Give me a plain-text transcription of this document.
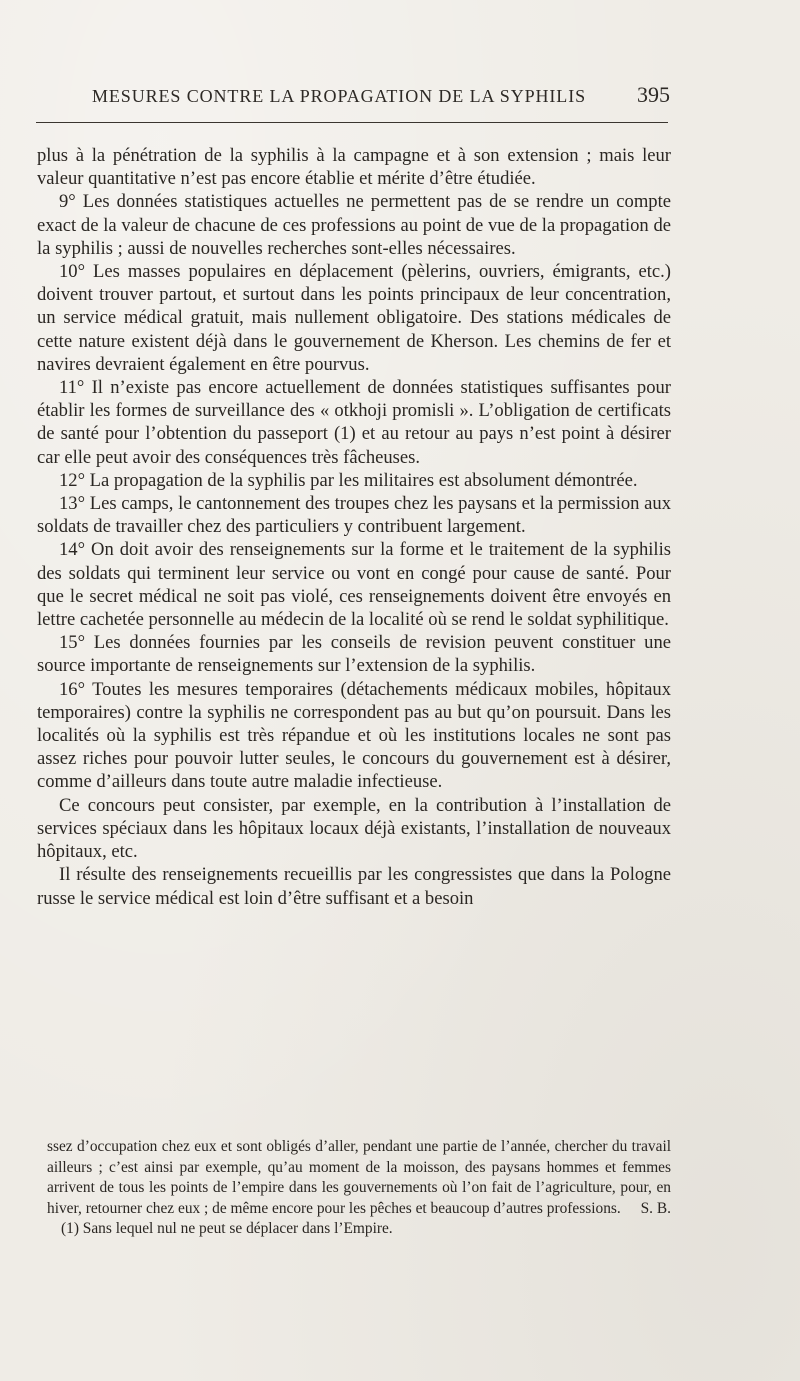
MESURES CONTRE LA PROPAGATION DE LA SYPHILIS 395

plus à la pénétration de la syphilis à la campagne et à son extension ; mais leur valeur quantitative n’est pas encore établie et mérite d’être étudiée.

9° Les données statistiques actuelles ne permettent pas de se rendre un compte exact de la valeur de chacune de ces professions au point de vue de la propagation de la syphilis ; aussi de nouvelles recherches sont-elles nécessaires.

10° Les masses populaires en déplacement (pèlerins, ouvriers, émigrants, etc.) doivent trouver partout, et surtout dans les points principaux de leur concentration, un service médical gratuit, mais nullement obligatoire. Des stations médicales de cette nature existent déjà dans le gouvernement de Kherson. Les chemins de fer et navires devraient également en être pourvus.

11° Il n’existe pas encore actuellement de données statistiques suffisantes pour établir les formes de surveillance des « otkhoji promisli ». L’obligation de certificats de santé pour l’obtention du passeport (1) et au retour au pays n’est point à désirer car elle peut avoir des conséquences très fâcheuses.

12° La propagation de la syphilis par les militaires est absolument démontrée.

13° Les camps, le cantonnement des troupes chez les paysans et la permission aux soldats de travailler chez des particuliers y contribuent largement.

14° On doit avoir des renseignements sur la forme et le traitement de la syphilis des soldats qui terminent leur service ou vont en congé pour cause de santé. Pour que le secret médical ne soit pas violé, ces renseignements doivent être envoyés en lettre cachetée personnelle au médecin de la localité où se rend le soldat syphilitique.

15° Les données fournies par les conseils de revision peuvent constituer une source importante de renseignements sur l’extension de la syphilis.

16° Toutes les mesures temporaires (détachements médicaux mobiles, hôpitaux temporaires) contre la syphilis ne correspondent pas au but qu’on poursuit. Dans les localités où la syphilis est très répandue et où les institutions locales ne sont pas assez riches pour pouvoir lutter seules, le concours du gouvernement est à désirer, comme d’ailleurs dans toute autre maladie infectieuse.

Ce concours peut consister, par exemple, en la contribution à l’installation de services spéciaux dans les hôpitaux locaux déjà existants, l’installation de nouveaux hôpitaux, etc.

Il résulte des renseignements recueillis par les congressistes que dans la Pologne russe le service médical est loin d’être suffisant et a besoin

ssez d’occupation chez eux et sont obligés d’aller, pendant une partie de l’année, chercher du travail ailleurs ; c’est ainsi par exemple, qu’au moment de la moisson, des paysans hommes et femmes arrivent de tous les points de l’empire dans les gouvernements où l’on fait de l’agriculture, pour, en hiver, retourner chez eux ; de même encore pour les pêches et beaucoup d’autres professions. S. B.

(1) Sans lequel nul ne peut se déplacer dans l’Empire.
